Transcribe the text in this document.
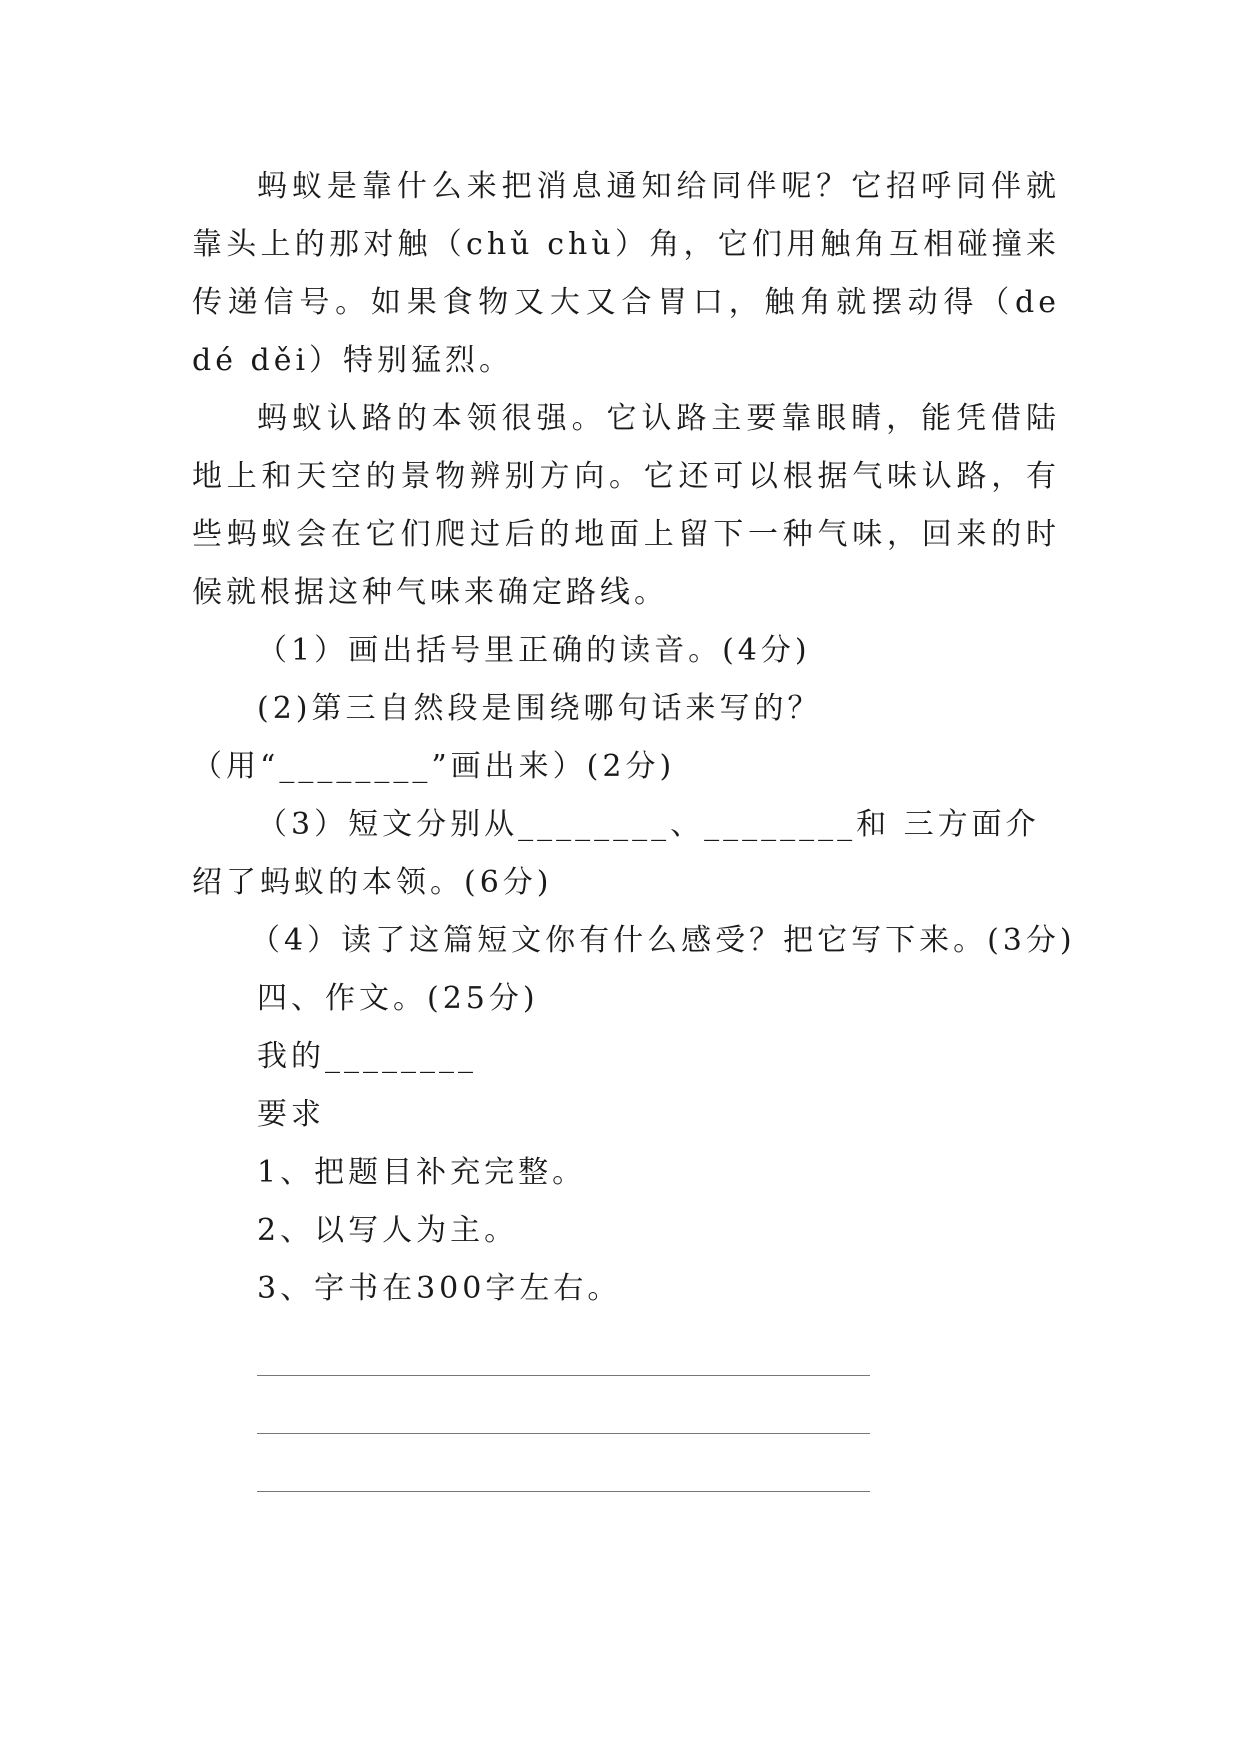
蚂蚁是靠什么来把消息通知给同伴呢？它招呼同伴就靠头上的那对触（chǔ chù）角，它们用触角互相碰撞来传递信号。如果食物又大又合胃口，触角就摆动得（de dé děi）特别猛烈。

蚂蚁认路的本领很强。它认路主要靠眼睛，能凭借陆地上和天空的景物辨别方向。它还可以根据气味认路，有些蚂蚁会在它们爬过后的地面上留下一种气味，回来的时候就根据这种气味来确定路线。

（1）画出括号里正确的读音。(4分)

(2)第三自然段是围绕哪句话来写的？（用“________”画出来）(2分)

（3）短文分别从________、________和 三方面介绍了蚂蚁的本领。(6分)

（4）读了这篇短文你有什么感受？把它写下来。(3分)

四、作文。(25分)

我的________

要求

1、把题目补充完整。

2、以写人为主。

3、字书在300字左右。
